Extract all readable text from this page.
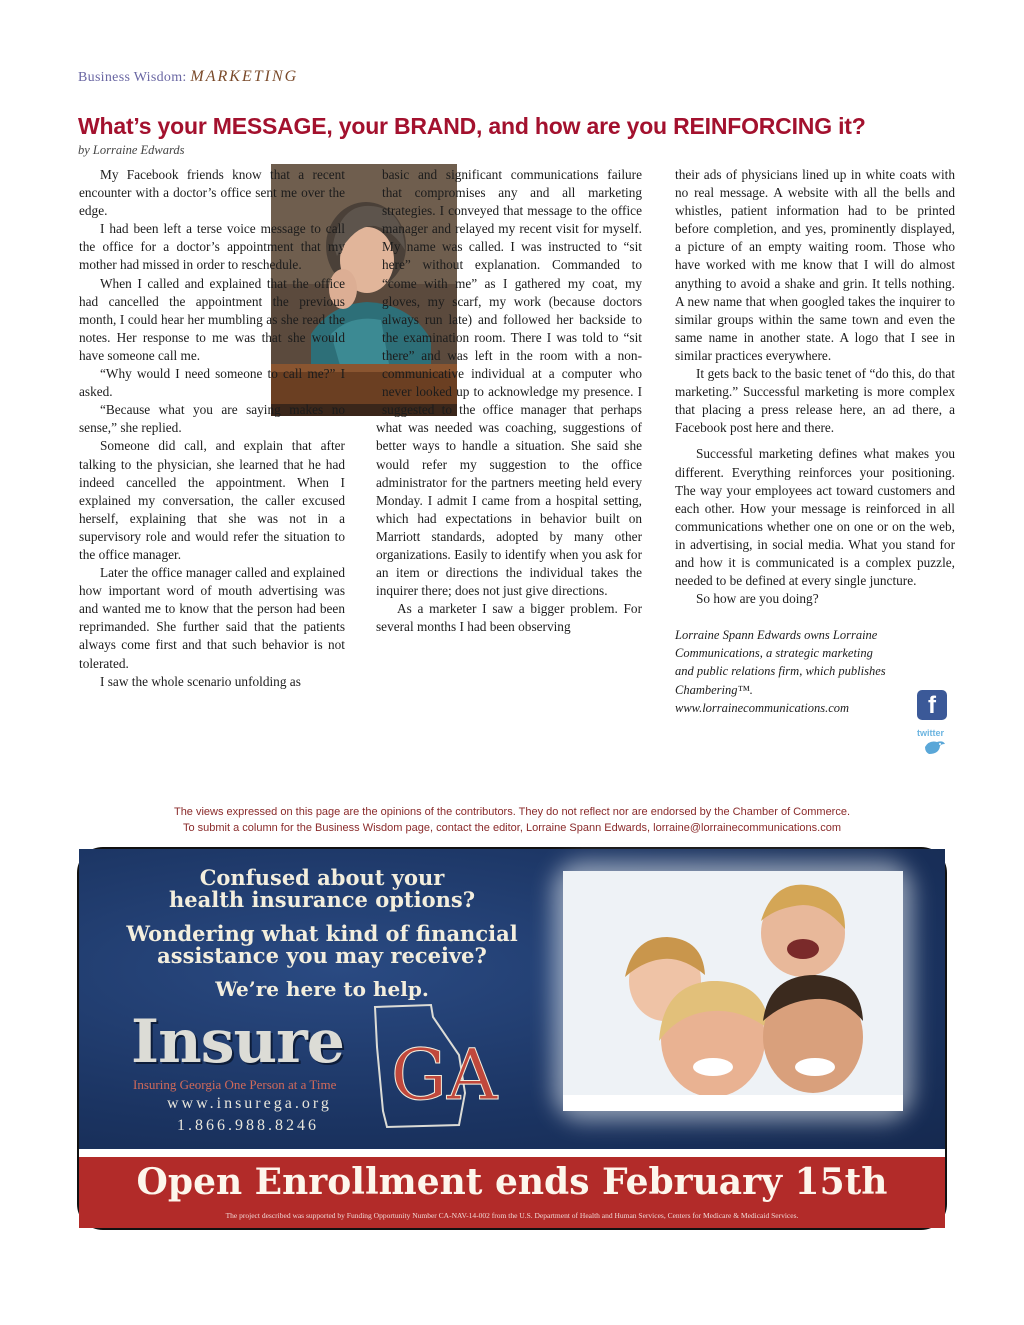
Business Wisdom: MARKETING
What’s your MESSAGE, your BRAND, and how are you REINFORCING it?
by Lorraine Edwards

My Facebook friends know that a recent encounter with a doctor’s office sent me over the edge.

I had been left a terse voice message to call the office for a doctor’s appointment that my mother had missed in order to reschedule.

When I called and explained that the office had cancelled the appointment the previous month, I could hear her mumbling as she read the notes. Her response to me was that she would have someone call me.

“Why would I need someone to call me?” I asked.

“Because what you are saying makes no sense,” she replied.

Someone did call, and explain that after talking to the physician, she learned that he had indeed cancelled the appointment. When I explained my conversation, the caller excused herself, explaining that she was not in a supervisory role and would refer the situation to the office manager.

Later the office manager called and explained how important word of mouth advertising was and wanted me to know that the person had been reprimanded. She further said that the patients always come first and that such behavior is not tolerated.

I saw the whole scenario unfolding as

basic and significant communications failure that compromises any and all marketing strategies. I conveyed that message to the office manager and relayed my recent visit for myself. My name was called. I was instructed to “sit here” without explanation. Commanded to “come with me” as I gathered my coat, my gloves, my scarf, my work (because doctors always run late) and followed her backside to the examination room. There I was told to “sit there” and was left in the room with a non-communicative individual at a computer who never looked up to acknowledge my presence. I suggested to the office manager that perhaps what was needed was coaching, suggestions of better ways to handle a situation. She said she would refer my suggestion to the office administrator for the partners meeting held every Monday. I admit I came from a hospital setting, which had expectations in behavior built on Marriott standards, adopted by many other organizations. Easily to identify when you ask for an item or directions the individual takes the inquirer there; does not just give directions.

As a marketer I saw a bigger problem. For several months I had been observing

their ads of physicians lined up in white coats with no real message. A website with all the bells and whistles, patient information had to be printed before completion, and yes, prominently displayed, a picture of an empty waiting room. Those who have worked with me know that I will do almost anything to avoid a shake and grin. It tells nothing. A new name that when googled takes the inquirer to similar groups within the same town and even the same name in another state. A logo that I see in similar practices everywhere.

It gets back to the basic tenet of “do this, do that marketing.” Successful marketing is more complex that placing a press release here, an ad there, a Facebook post here and there.

Successful marketing defines what makes you different. Everything reinforces your positioning. The way your employees act toward customers and each other. How your message is reinforced in all communications whether one on one or on the web, in advertising, in social media. What you stand for and how it is communicated is a complex puzzle, needed to be defined at every single juncture.

So how are you doing?

Lorraine Spann Edwards owns Lorraine
Communications, a strategic marketing
and public relations firm, which publishes
Chambering™.
www.lorrainecommunications.com	f
twitter
The views expressed on this page are the opinions of the contributors. They do not reflect nor are endorsed by the Chamber of Commerce.
To submit a column for the Business Wisdom page, contact the editor, Lorraine Spann Edwards, lorraine@lorrainecommunications.com
Confused about your
health insurance options?
Wondering what kind of financial
assistance you may receive?
We’re here to help.
GA
Insure
Insuring Georgia One Person at a Time
www.insurega.org
1.866.988.8246
Open Enrollment ends February 15th
The project described was supported by Funding Opportunity Number CA-NAV-14-002 from the U.S. Department of Health and Human Services, Centers for Medicare & Medicaid Services.
